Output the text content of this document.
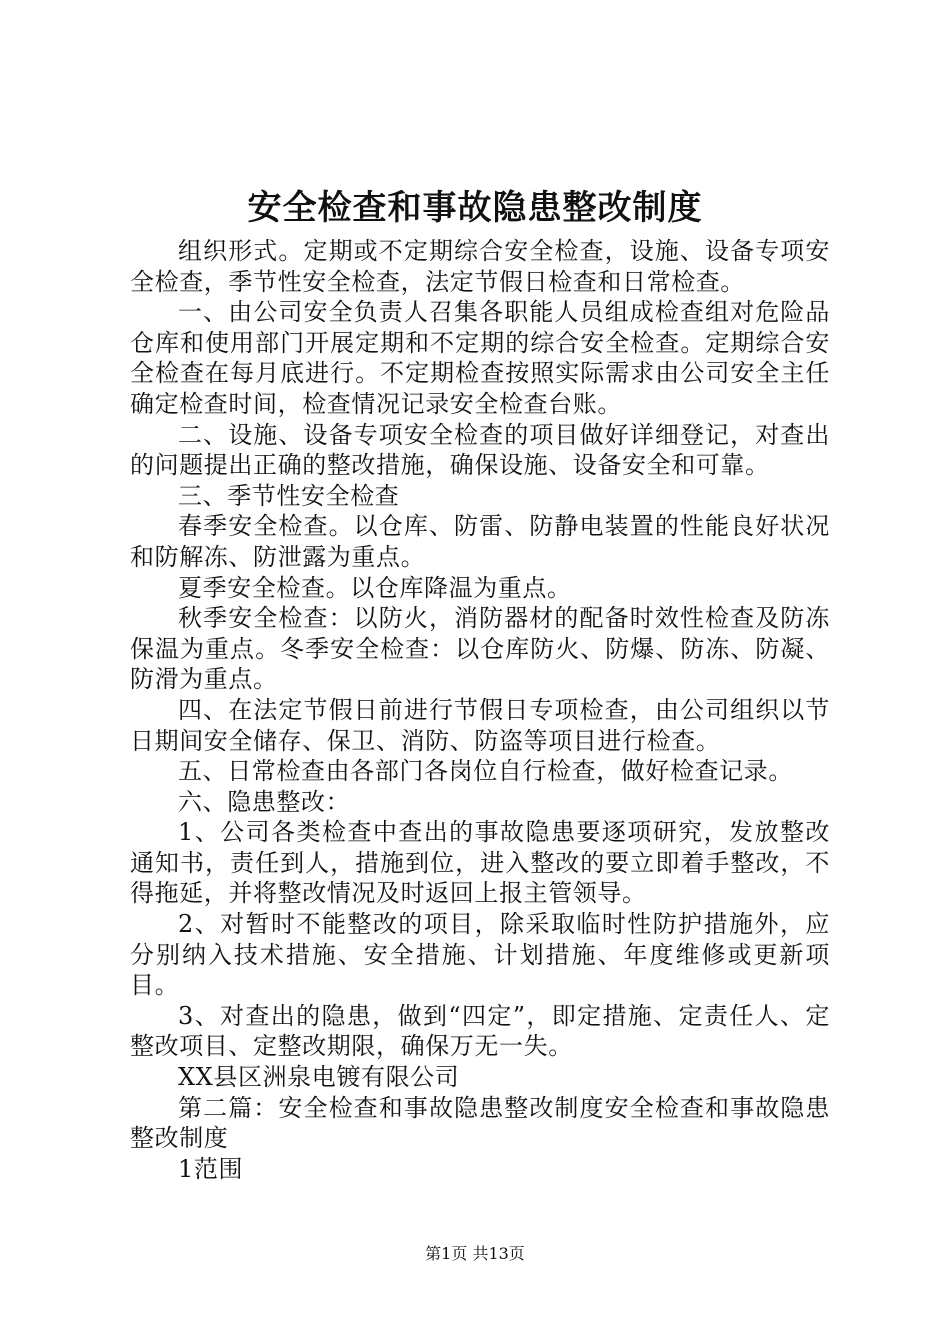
安全检查和事故隐患整改制度

组织形式。定期或不定期综合安全检查，设施、设备专项安全检查，季节性安全检查，法定节假日检查和日常检查。

一、由公司安全负责人召集各职能人员组成检查组对危险品仓库和使用部门开展定期和不定期的综合安全检查。定期综合安全检查在每月底进行。不定期检查按照实际需求由公司安全主任确定检查时间，检查情况记录安全检查台账。

二、设施、设备专项安全检查的项目做好详细登记，对查出的问题提出正确的整改措施，确保设施、设备安全和可靠。

三、季节性安全检查

春季安全检查。以仓库、防雷、防静电装置的性能良好状况和防解冻、防泄露为重点。

夏季安全检查。以仓库降温为重点。

秋季安全检查：以防火，消防器材的配备时效性检查及防冻保温为重点。冬季安全检查：以仓库防火、防爆、防冻、防凝、防滑为重点。

四、在法定节假日前进行节假日专项检查，由公司组织以节日期间安全储存、保卫、消防、防盗等项目进行检查。

五、日常检查由各部门各岗位自行检查，做好检查记录。

六、隐患整改：

1、公司各类检查中查出的事故隐患要逐项研究，发放整改通知书，责任到人，措施到位，进入整改的要立即着手整改，不得拖延，并将整改情况及时返回上报主管领导。

2、对暂时不能整改的项目，除采取临时性防护措施外，应分别纳入技术措施、安全措施、计划措施、年度维修或更新项目。

3、对查出的隐患，做到“四定”，即定措施、定责任人、定整改项目、定整改期限，确保万无一失。

XX县区洲泉电镀有限公司

第二篇：安全检查和事故隐患整改制度安全检查和事故隐患整改制度

1范围

第1页 共13页
